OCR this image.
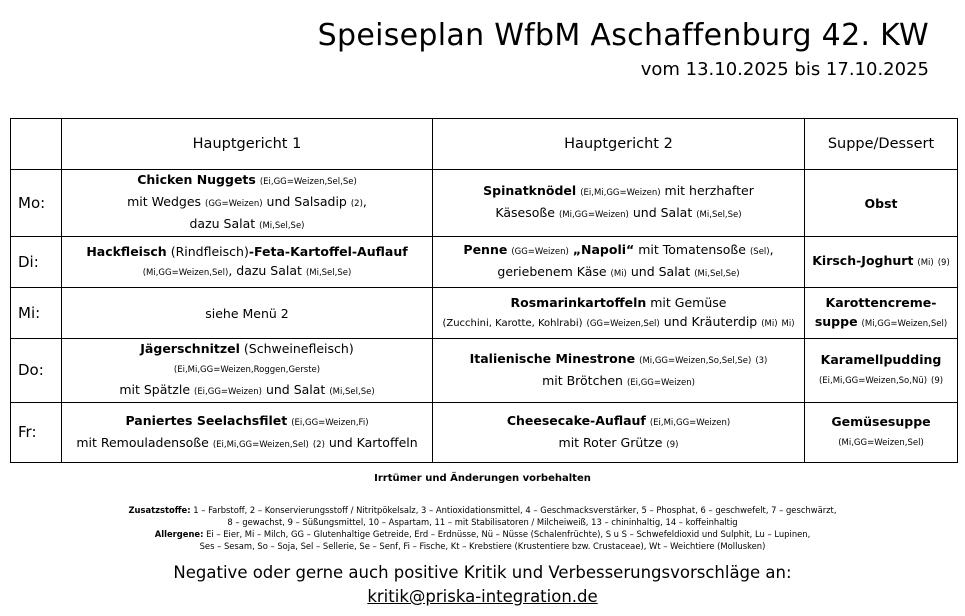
Speiseplan WfbM Aschaffenburg 42. KW
vom 13.10.2025 bis 17.10.2025
	Hauptgericht 1	Hauptgericht 2	Suppe/Dessert
Mo:	Chicken Nuggets (Ei,GG=Weizen,Sel,Se)
mit Wedges (GG=Weizen) und Salsadip (2),
dazu Salat (Mi,Sel,Se)	Spinatknödel (Ei,Mi,GG=Weizen) mit herzhafter
Käsesoße (Mi,GG=Weizen) und Salat (Mi,Sel,Se)	Obst
Di:	Hackfleisch (Rindfleisch)-Feta-Kartoffel-Auflauf
(Mi,GG=Weizen,Sel), dazu Salat (Mi,Sel,Se)	Penne (GG=Weizen) „Napoli“ mit Tomatensoße (Sel),
geriebenem Käse (Mi) und Salat (Mi,Sel,Se)	Kirsch-Joghurt (Mi) (9)
Mi:	siehe Menü 2	Rosmarinkartoffeln mit Gemüse
(Zucchini, Karotte, Kohlrabi) (GG=Weizen,Sel) und Kräuterdip (Mi) Mi)	Karottencreme-
suppe (Mi,GG=Weizen,Sel)
Do:	Jägerschnitzel (Schweinefleisch) (Ei,Mi,GG=Weizen,Roggen,Gerste)
mit Spätzle (Ei,GG=Weizen) und Salat (Mi,Sel,Se)	Italienische Minestrone (Mi,GG=Weizen,So,Sel,Se) (3)
mit Brötchen (Ei,GG=Weizen)	Karamellpudding
(Ei,Mi,GG=Weizen,So,Nü) (9)
Fr:	Paniertes Seelachsfilet (Ei,GG=Weizen,Fi)
mit Remouladensoße (Ei,Mi,GG=Weizen,Sel) (2) und Kartoffeln	Cheesecake-Auflauf (Ei,Mi,GG=Weizen)
mit Roter Grütze (9)	Gemüsesuppe
(Mi,GG=Weizen,Sel)
Irrtümer und Änderungen vorbehalten
Zusatzstoffe: 1 – Farbstoff, 2 – Konservierungsstoff / Nitritpökelsalz, 3 – Antioxidationsmittel, 4 – Geschmacksverstärker, 5 – Phosphat, 6 – geschwefelt, 7 – geschwärzt,
8 – gewachst, 9 – Süßungsmittel, 10 – Aspartam, 11 – mit Stabilisatoren / Milcheiweiß, 13 – chininhaltig, 14 – koffeinhaltig
Allergene: Ei – Eier, Mi – Milch, GG – Glutenhaltige Getreide, Erd – Erdnüsse, Nü – Nüsse (Schalenfrüchte), S u S – Schwefeldioxid und Sulphit, Lu – Lupinen,
Ses – Sesam, So – Soja, Sel – Sellerie, Se – Senf, Fi – Fische, Kt – Krebstiere (Krustentiere bzw. Crustaceae), Wt – Weichtiere (Mollusken)
Negative oder gerne auch positive Kritik und Verbesserungsvorschläge an:
kritik@priska-integration.de
